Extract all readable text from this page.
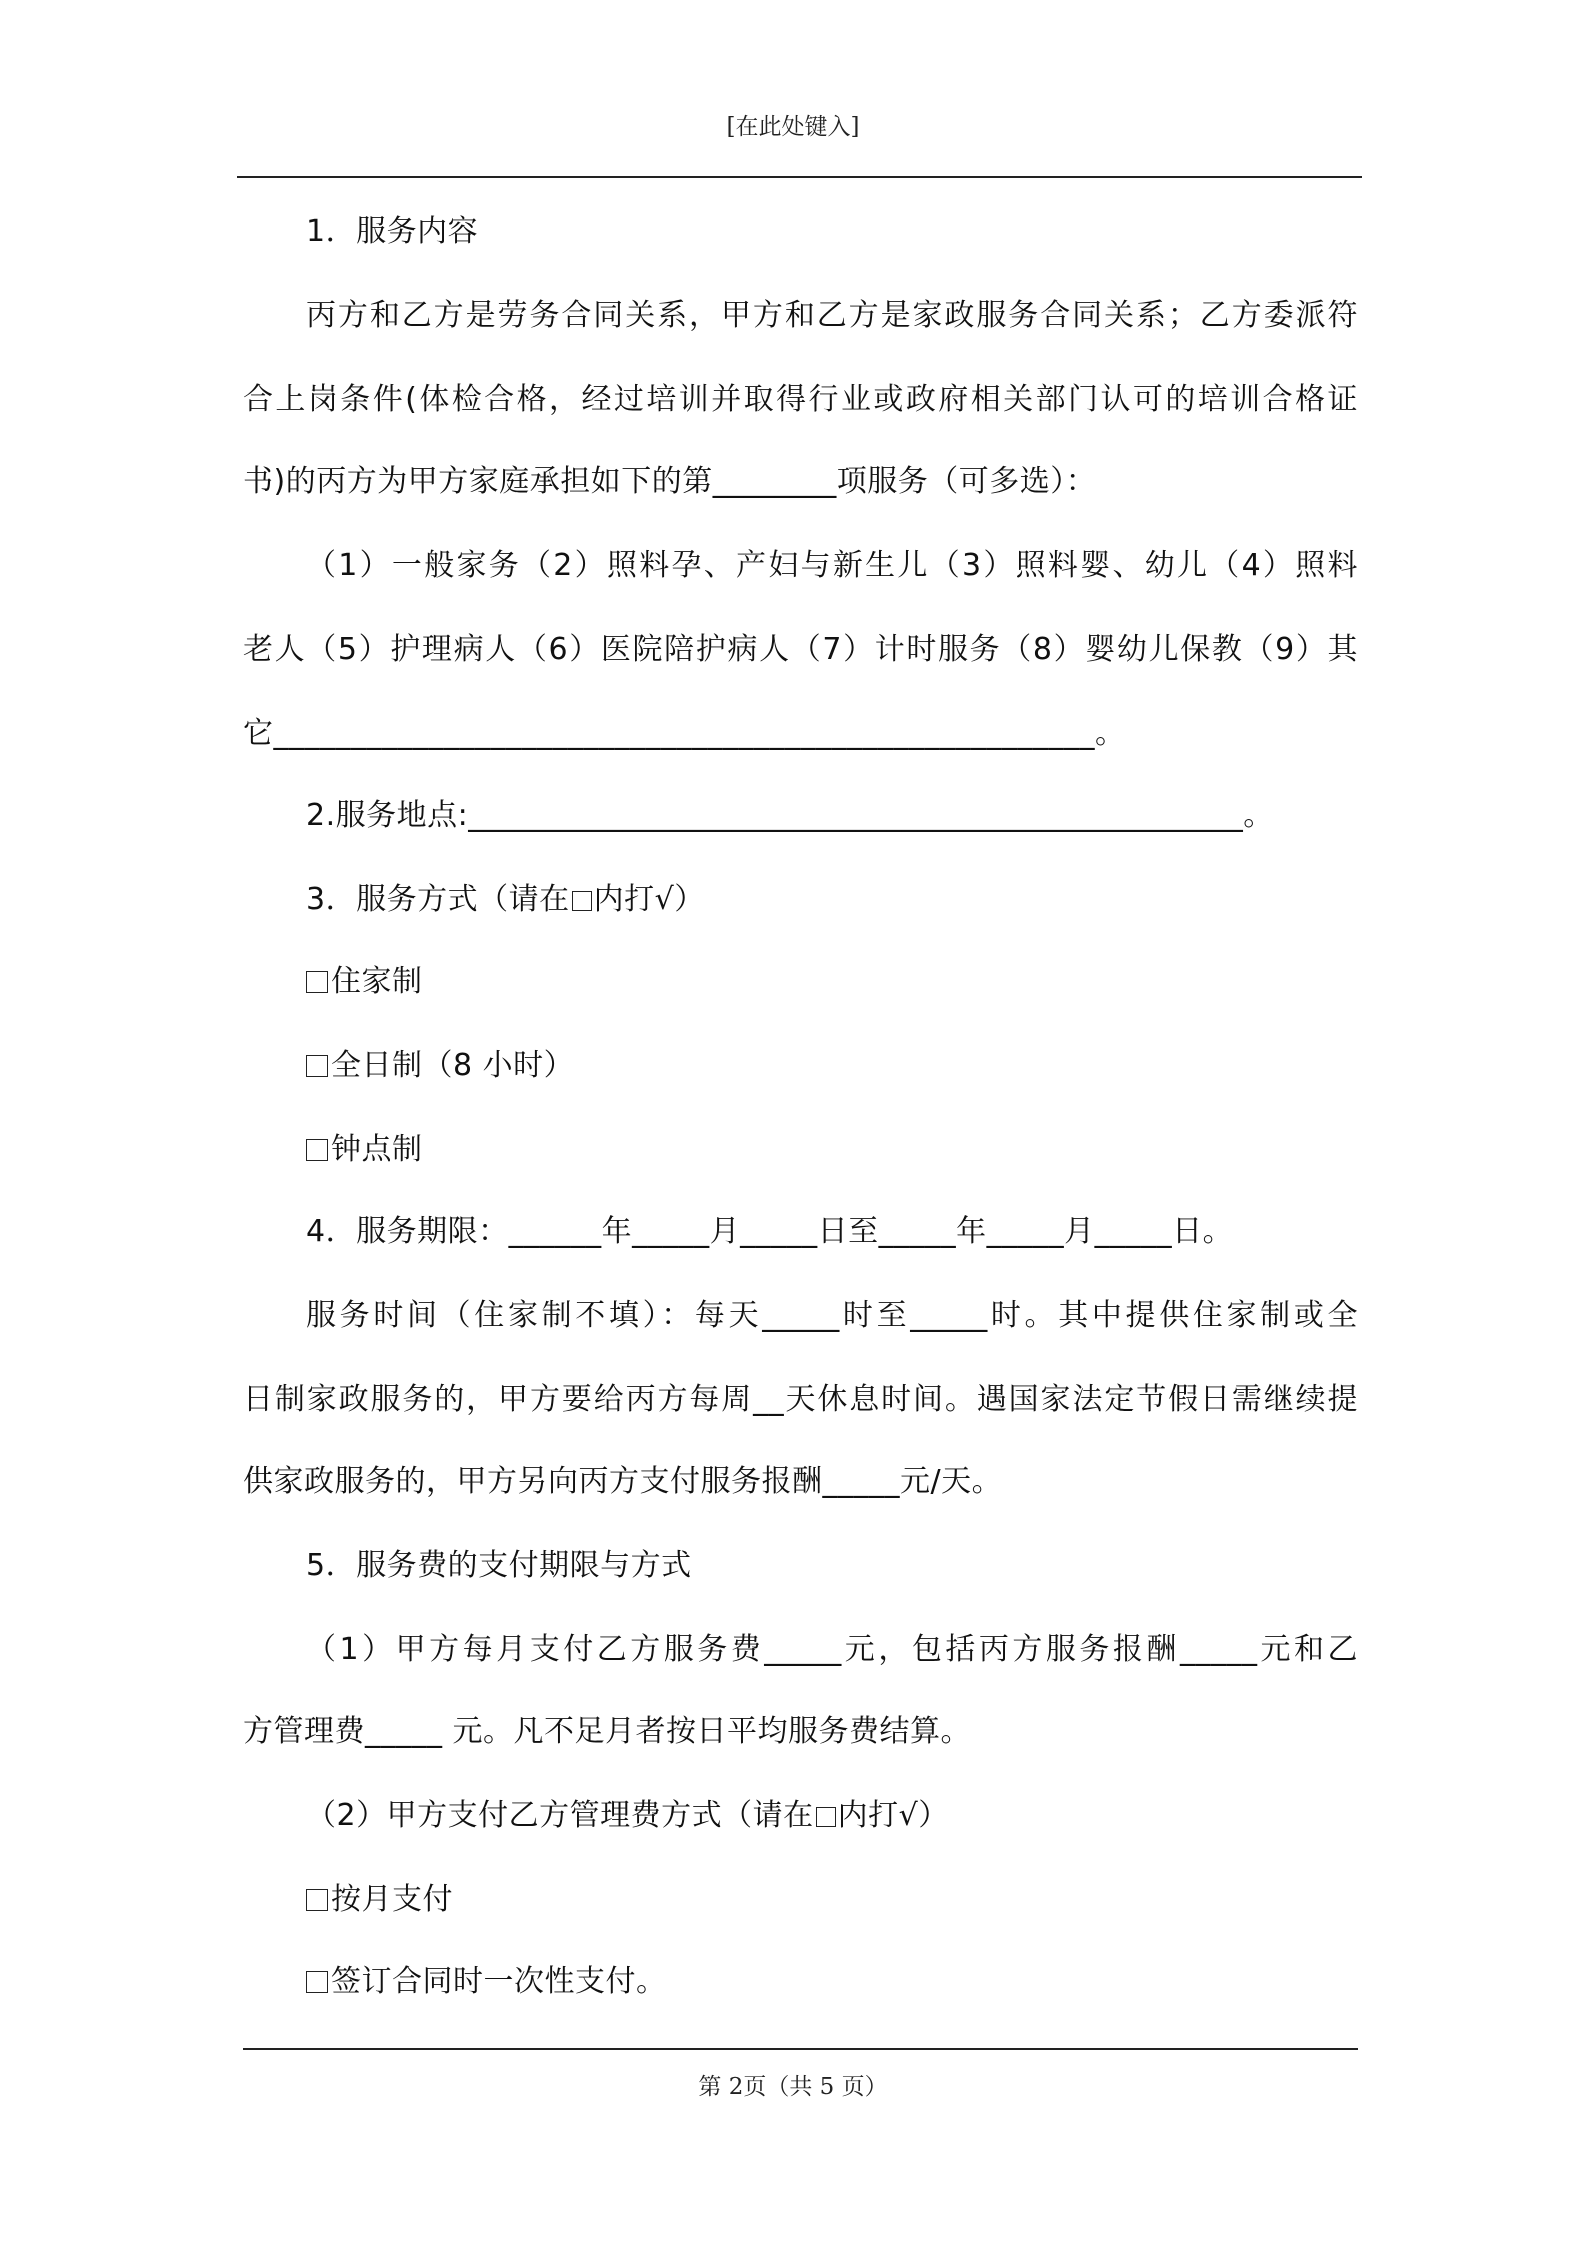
[在此处键入]
1．服务内容
丙方和乙方是劳务合同关系，甲方和乙方是家政服务合同关系；乙方委派符
合上岗条件(体检合格，经过培训并取得行业或政府相关部门认可的培训合格证
书)的丙方为甲方家庭承担如下的第________项服务（可多选）：
（1）一般家务（2）照料孕、产妇与新生儿（3）照料婴、幼儿（4）照料
老人（5）护理病人（6）医院陪护病人（7）计时服务（8）婴幼儿保教（9）其
它_____________________________________________________。
2.服务地点:__________________________________________________。
3．服务方式（请在 内打√）
住家制
全日制（8 小时）
钟点制
4．服务期限：______年_____月_____日至_____年_____月_____日。
服务时间（住家制不填）：每天_____时至_____时。其中提供住家制或全
日制家政服务的，甲方要给丙方每周__天休息时间。遇国家法定节假日需继续提
供家政服务的，甲方另向丙方支付服务报酬_____元/天。
5．服务费的支付期限与方式
（1）甲方每月支付乙方服务费_____元，包括丙方服务报酬_____元和乙
方管理费_____ 元。凡不足月者按日平均服务费结算。
（2）甲方支付乙方管理费方式（请在 内打√）
按月支付
签订合同时一次性支付。
第 2页（共 5 页）
